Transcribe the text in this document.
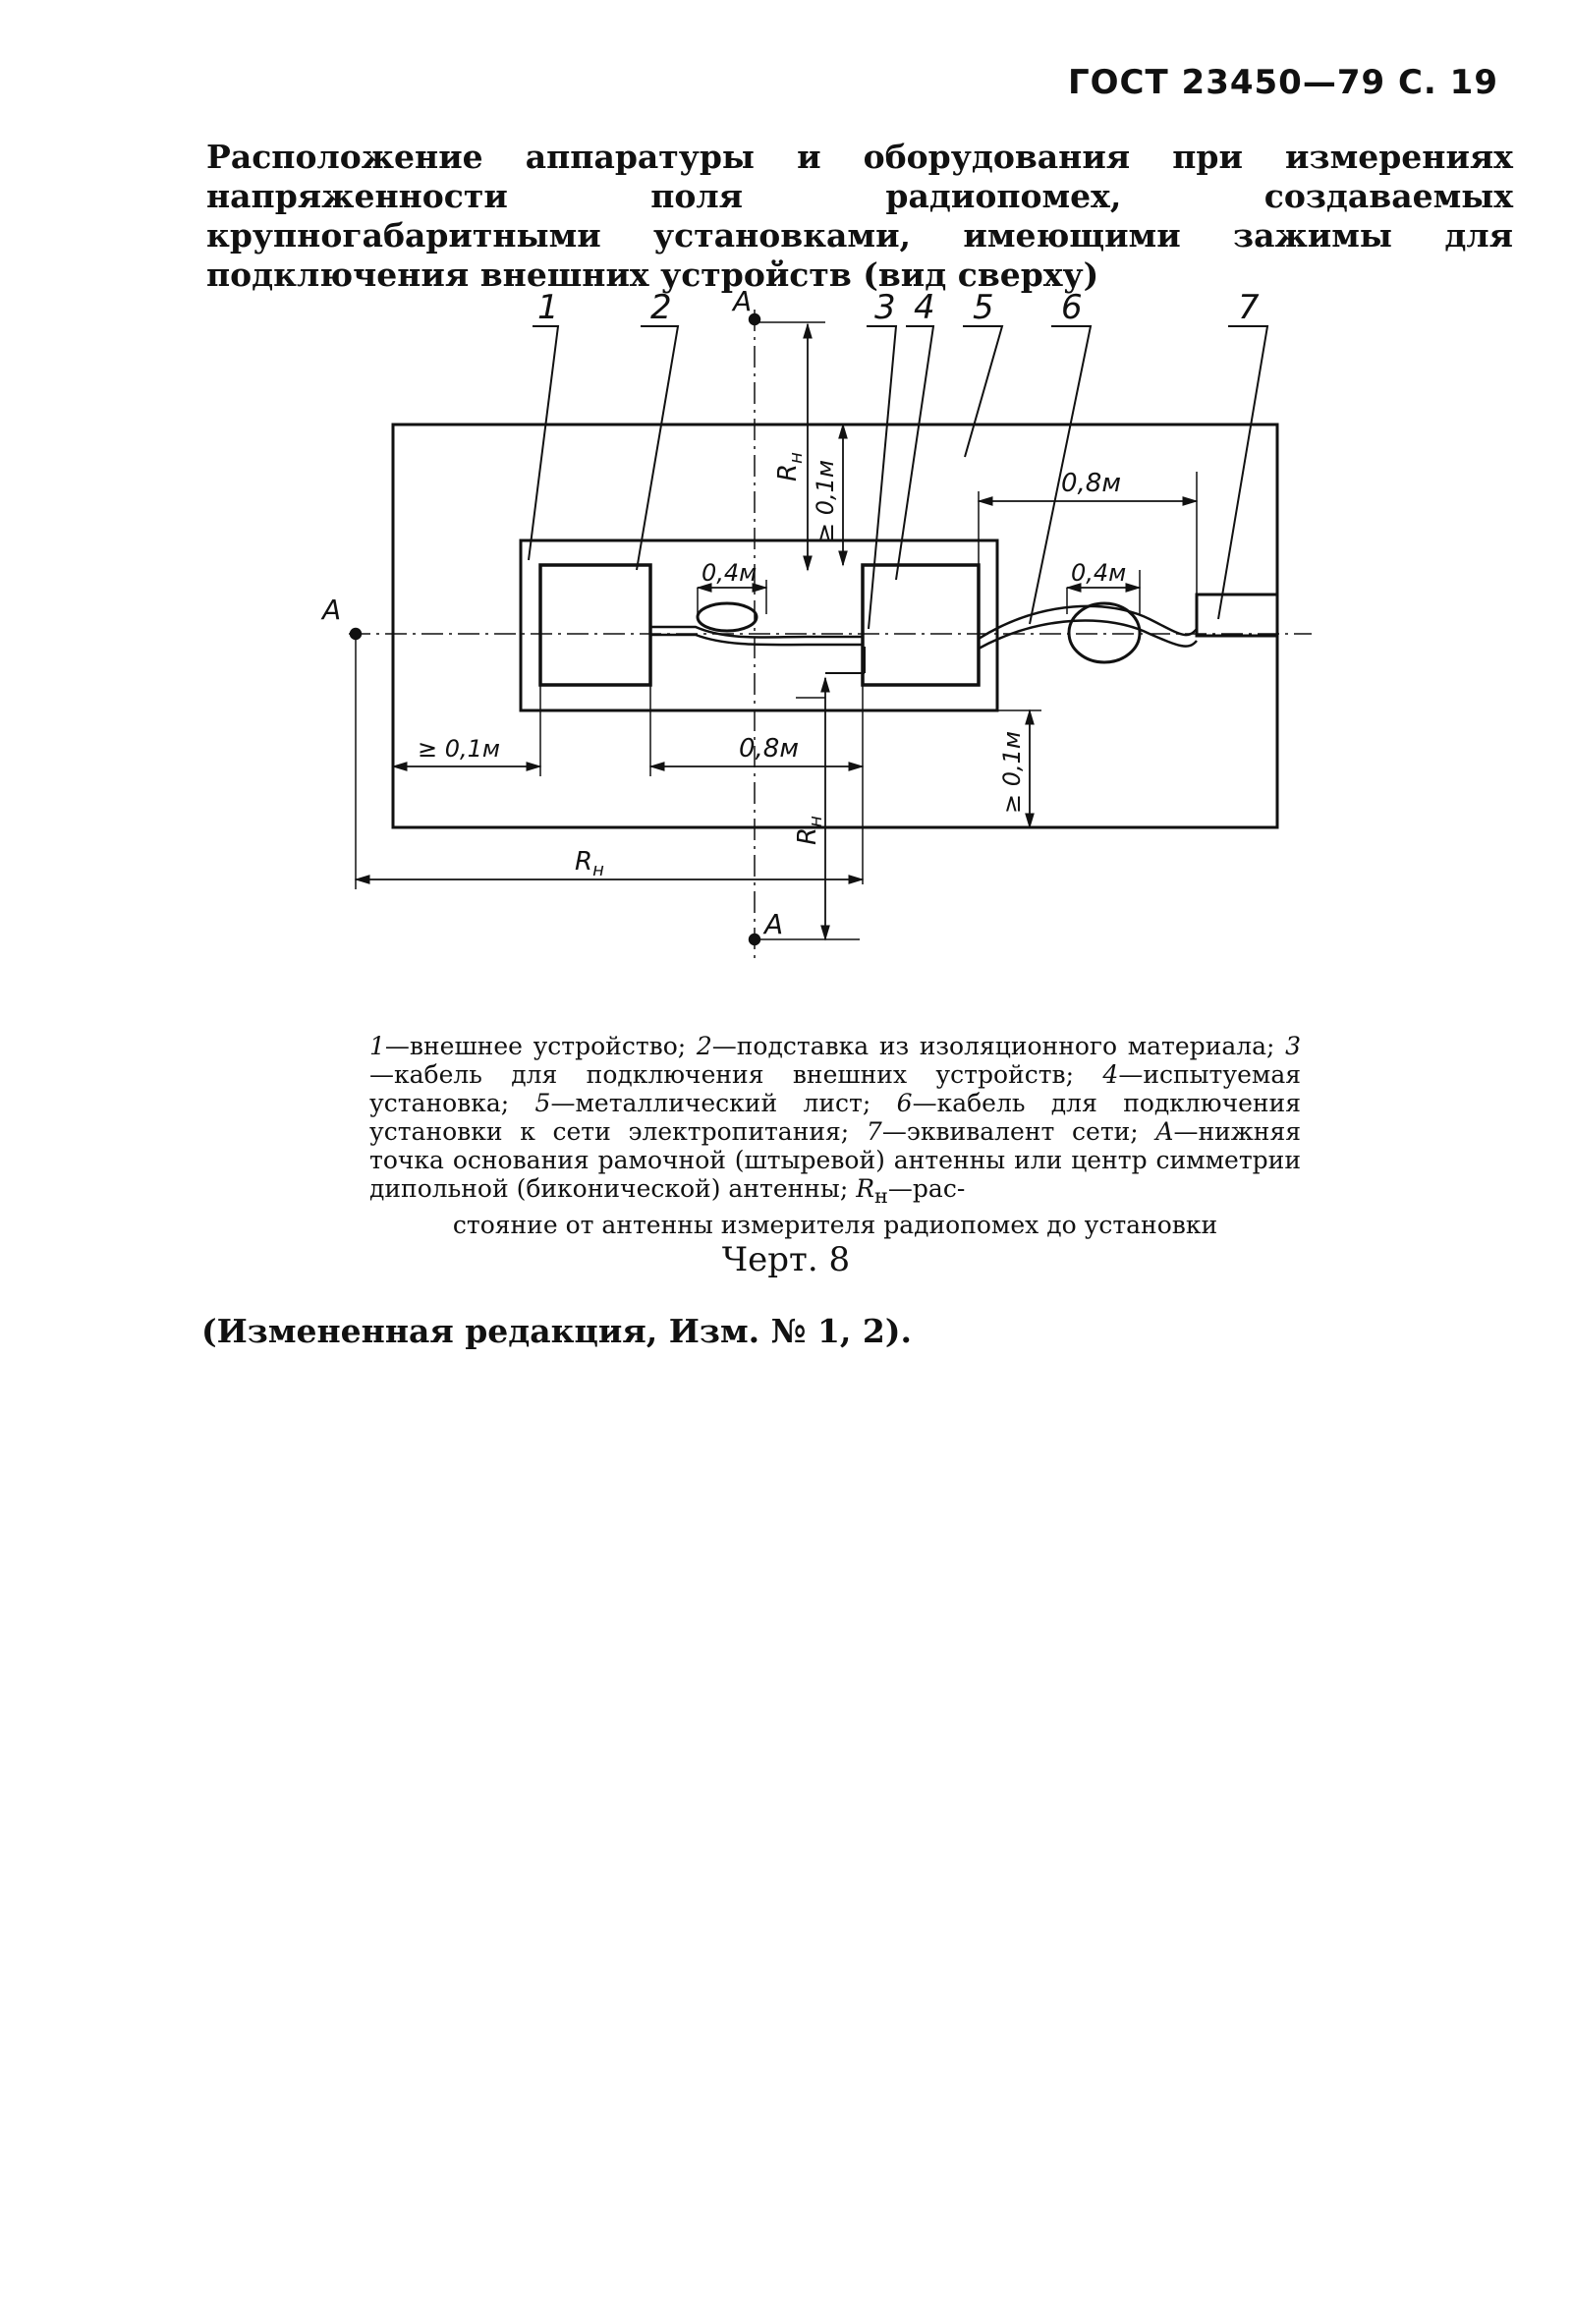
ГОСТ 23450—79 С. 19
Расположение аппаратуры и оборудования при измерениях напряженности поля радиопомех, создаваемых крупногабаритными установками, имеющими зажимы для подключения внешних устройств (вид сверху)
A
A
A
1	2	3 4 5 6	7
$R_н$
≥ 0,1м	0,8м
0,4м	0,4м
≥ 0,1м	0,8м
$R_н$
≥ 0,1м
$R_н$
1—внешнее устройство; 2—подставка из изоляционного материала; 3—кабель для подключения внешних устройств; 4—испытуемая установка; 5—металлический лист; 6—кабель для подключения установки к сети электропитания; 7—эквивалент сети; A—нижняя точка основания рамочной (штыревой) антенны или центр симметрии дипольной (биконической) антенны; $R_н—рас-$
стояние от антенны измерителя радиопомех до установки
Черт. 8
(Измененная редакция, Изм. № 1, 2).
